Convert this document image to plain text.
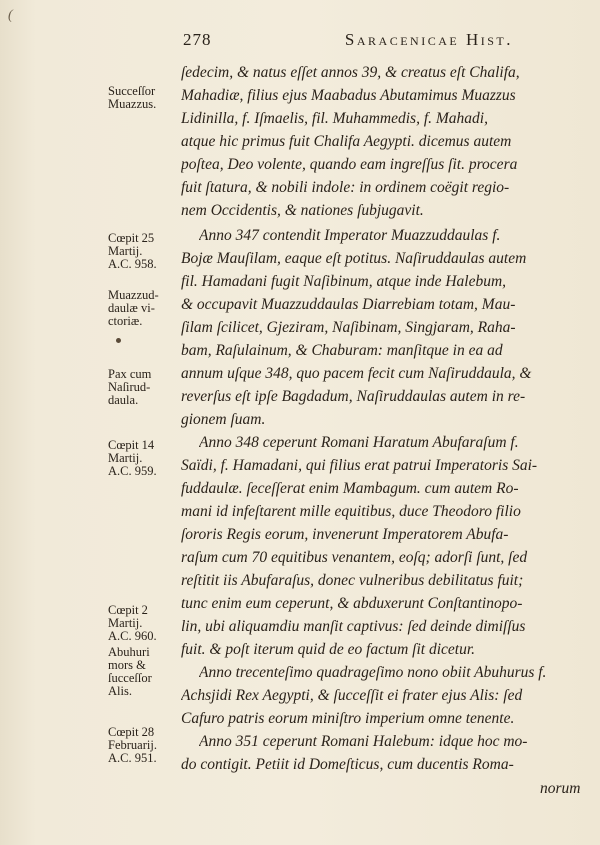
(
278	Saracenicae Hist.
Succeſſor
Muazzus.
Cœpit 25
Martij.
A.C. 958.
Muazzud-
daulæ vi-
ctoriæ.
Pax cum
Naſirud-
daula.
Cœpit 14
Martij.
A.C. 959.
Cœpit 2
Martij.
A.C. 960.
Abuhuri
mors &
ſucceſſor
Alis.
Cœpit 28
Februarij.
A.C. 951.
ſedecim, & natus eſſet annos 39, & creatus eſt Chalifa,
Mahadiæ, filius ejus Maabadus Abutamimus Muazzus
Lidinilla, f. Iſmaelis, fil. Muhammedis, f. Mahadi,
atque hic primus fuit Chalifa Aegypti. dicemus autem
poſtea, Deo volente, quando eam ingreſſus ſit. procera
fuit ſtatura, & nobili indole: in ordinem coëgit regio-
nem Occidentis, & nationes ſubjugavit.
Anno 347 contendit Imperator Muazzuddaulas f.
Bojæ Mauſilam, eaque eſt potitus. Naſiruddaulas autem
fil. Hamadani fugit Naſibinum, atque inde Halebum,
& occupavit Muazzuddaulas Diarrebiam totam, Mau-
ſilam ſcilicet, Gjeziram, Naſibinam, Singjaram, Raha-
bam, Raſulainum, & Chaburam: manſitque in ea ad
annum uſque 348, quo pacem fecit cum Naſiruddaula, &
reverſus eſt ipſe Bagdadum, Naſiruddaulas autem in re-
gionem ſuam.
Anno 348 ceperunt Romani Haratum Abufaraſum f.
Saïdi, f. Hamadani, qui filius erat patrui Imperatoris Sai-
fuddaulæ. ſeceſſerat enim Mambagum. cum autem Ro-
mani id infeſtarent mille equitibus, duce Theodoro filio
ſororis Regis eorum, invenerunt Imperatorem Abufa-
raſum cum 70 equitibus venantem, eoſq; adorſi ſunt, ſed
reſtitit iis Abufaraſus, donec vulneribus debilitatus fuit;
tunc enim eum ceperunt, & abduxerunt Conſtantinopo-
lin, ubi aliquamdiu manſit captivus: ſed deinde dimiſſus
fuit. & poſt iterum quid de eo factum ſit dicetur.
Anno trecenteſimo quadrageſimo nono obiit Abuhurus f.
Achsjidi Rex Aegypti, & ſucceſſit ei frater ejus Alis: ſed
Cafuro patris eorum miniſtro imperium omne tenente.
Anno 351 ceperunt Romani Halebum: idque hoc mo-
do contigit. Petiit id Domeſticus, cum ducentis Roma-
norum
